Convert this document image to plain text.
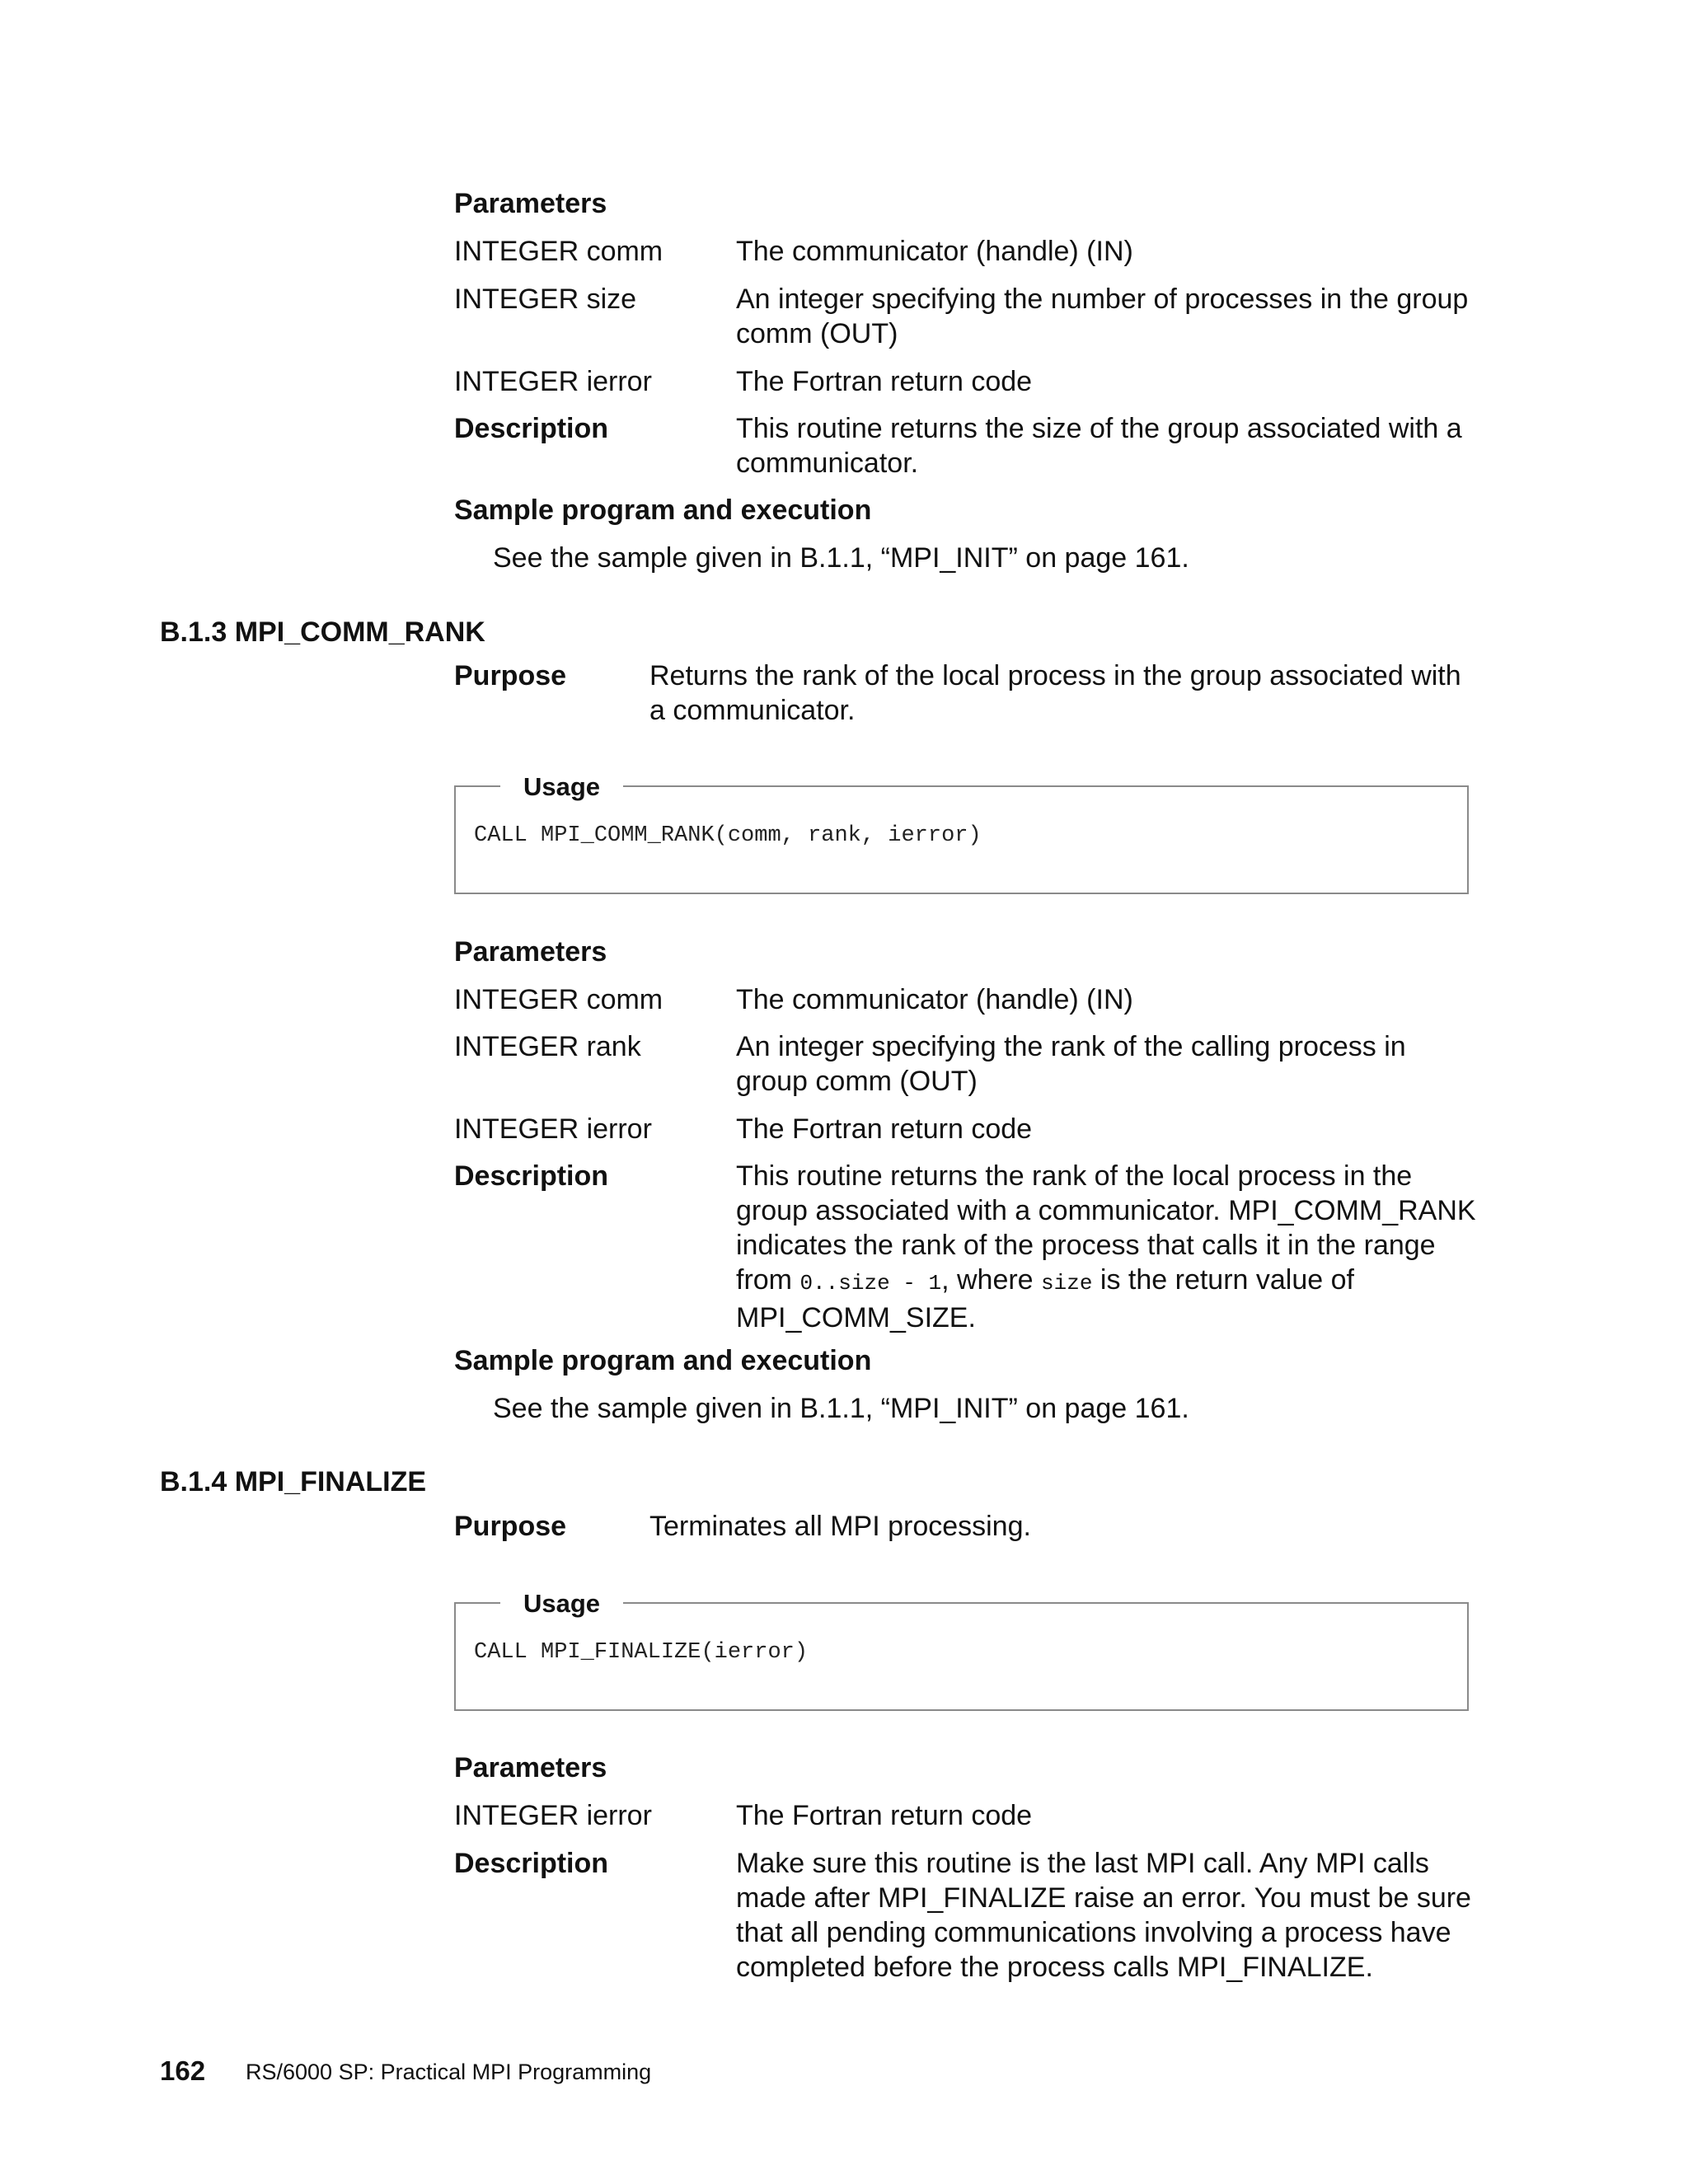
Parameters
INTEGER comm	The communicator (handle) (IN)
INTEGER size	An integer specifying the number of processes in the group comm (OUT)
INTEGER ierror	The Fortran return code
Description	This routine returns the size of the group associated with a communicator.
Sample program and execution
See the sample given in B.1.1, “MPI_INIT” on page 161.
B.1.3 MPI_COMM_RANK
Purpose	Returns the rank of the local process in the group associated with a communicator.
Usage
CALL MPI_COMM_RANK(comm, rank, ierror)
Parameters
INTEGER comm	The communicator (handle) (IN)
INTEGER rank	An integer specifying the rank of the calling process in group comm (OUT)
INTEGER ierror	The Fortran return code
Description	This routine returns the rank of the local process in the group associated with a communicator. MPI_COMM_RANK indicates the rank of the process that calls it in the range from 0..size - 1, where size is the return value of MPI_COMM_SIZE.
Sample program and execution
See the sample given in B.1.1, “MPI_INIT” on page 161.
B.1.4 MPI_FINALIZE
Purpose	Terminates all MPI processing.
Usage
CALL MPI_FINALIZE(ierror)
Parameters
INTEGER ierror	The Fortran return code
Description	Make sure this routine is the last MPI call. Any MPI calls made after MPI_FINALIZE raise an error. You must be sure that all pending communications involving a process have completed before the process calls MPI_FINALIZE.
162 RS/6000 SP: Practical MPI Programming
